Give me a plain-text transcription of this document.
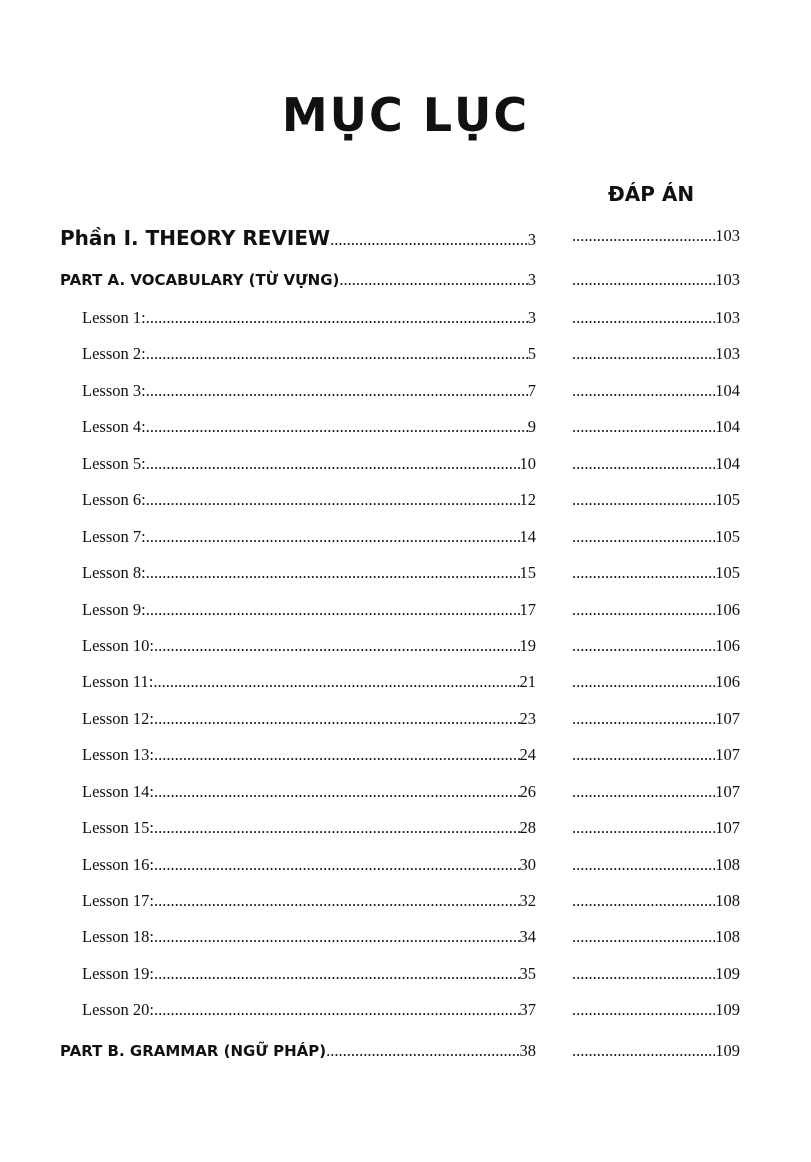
MỤC LỤC
ĐÁP ÁN
Phần I. THEORY REVIEW .....	3 .....	103
PART A. VOCABULARY (TỪ VỰNG) .....	3 .....	103
Lesson 1: .....	3 .....	103
Lesson 2: .....	5 .....	103
Lesson 3: .....	7 .....	104
Lesson 4: .....	9 .....	104
Lesson 5: .....	10 .....	104
Lesson 6: .....	12 .....	105
Lesson 7: .....	14 .....	105
Lesson 8: .....	15 .....	105
Lesson 9: .....	17 .....	106
Lesson 10: .....	19 .....	106
Lesson 11: .....	21 .....	106
Lesson 12: .....	23 .....	107
Lesson 13: .....	24 .....	107
Lesson 14: .....	26 .....	107
Lesson 15: .....	28 .....	107
Lesson 16: .....	30 .....	108
Lesson 17: .....	32 .....	108
Lesson 18: .....	34 .....	108
Lesson 19: .....	35 .....	109
Lesson 20: .....	37 .....	109
PART B. GRAMMAR (NGỮ PHÁP) .....	38 .....	109
